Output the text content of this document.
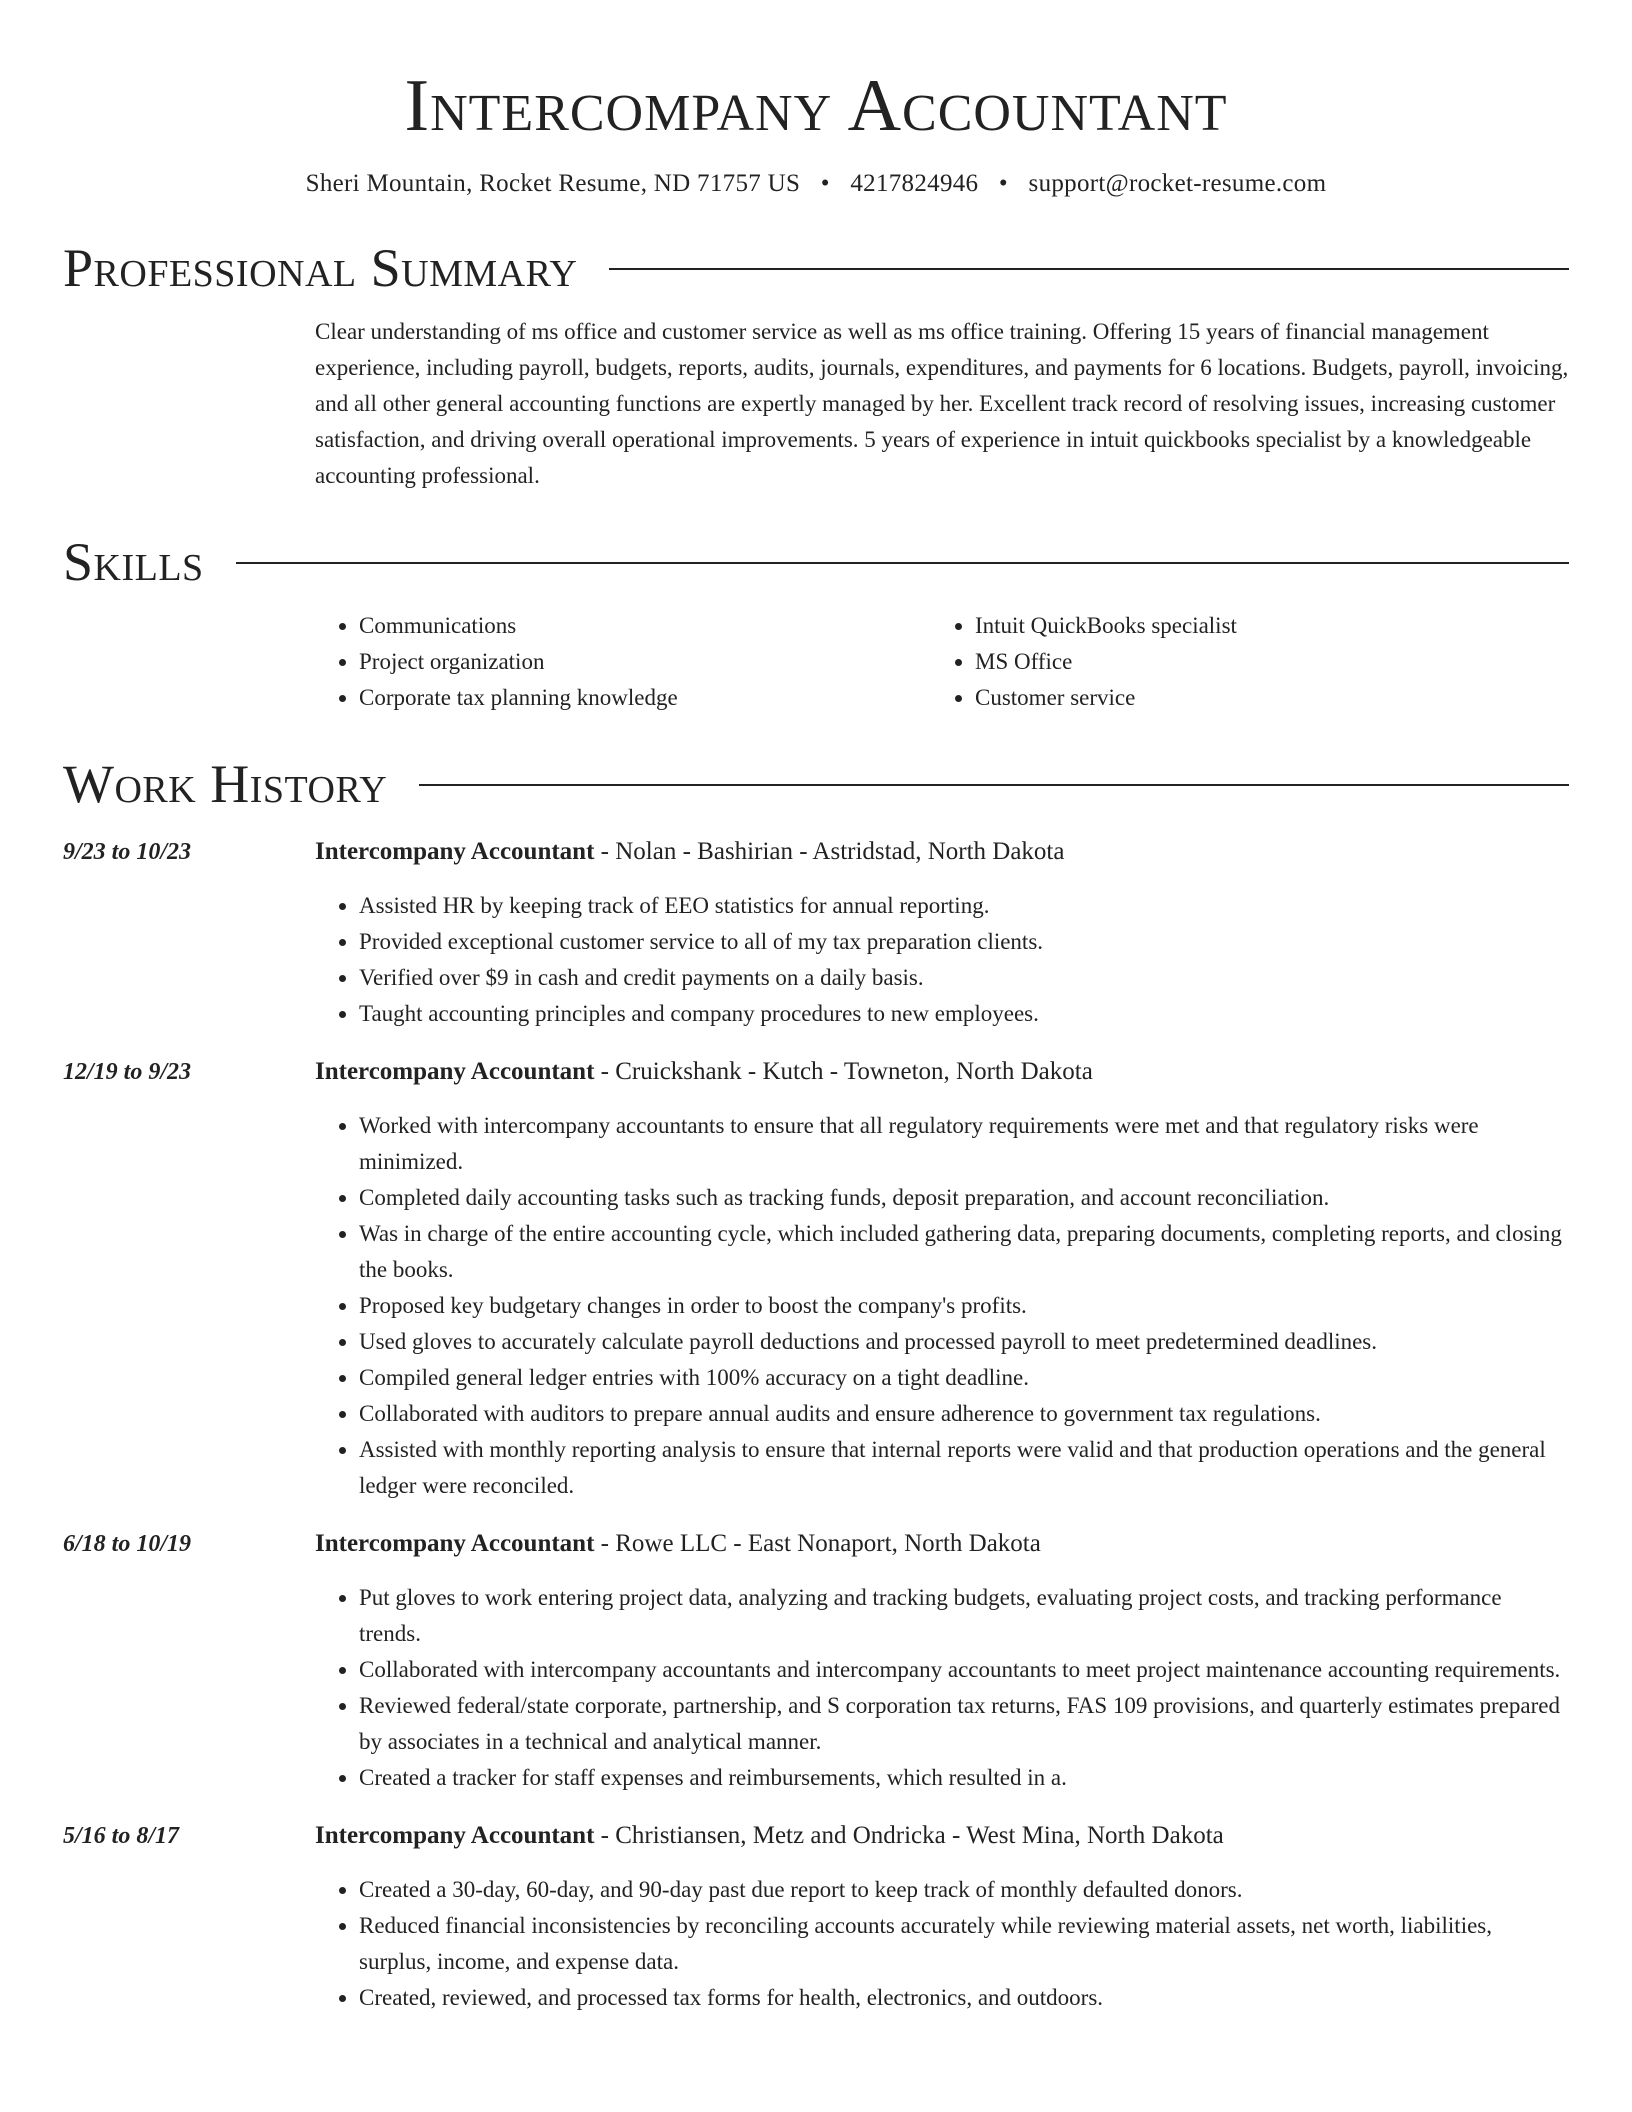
Intercompany Accountant
Sheri Mountain, Rocket Resume, ND 71757 US • 4217824946 • support@rocket-resume.com
Professional Summary

Clear understanding of ms office and customer service as well as ms office training. Offering 15 years of financial management experience, including payroll, budgets, reports, audits, journals, expenditures, and payments for 6 locations. Budgets, payroll, invoicing, and all other general accounting functions are expertly managed by her. Excellent track record of resolving issues, increasing customer satisfaction, and driving overall operational improvements. 5 years of experience in intuit quickbooks specialist by a knowledgeable accounting professional.

Skills
• Communications
• Project organization
• Corporate tax planning knowledge
• Intuit QuickBooks specialist
• MS Office
• Customer service
Work History
9/23 to 10/23	Intercompany Accountant - Nolan - Bashirian - Astridstad, North Dakota
• Assisted HR by keeping track of EEO statistics for annual reporting.
• Provided exceptional customer service to all of my tax preparation clients.
• Verified over $9 in cash and credit payments on a daily basis.
• Taught accounting principles and company procedures to new employees.
12/19 to 9/23	Intercompany Accountant - Cruickshank - Kutch - Towneton, North Dakota
• Worked with intercompany accountants to ensure that all regulatory requirements were met and that regulatory risks were minimized.
• Completed daily accounting tasks such as tracking funds, deposit preparation, and account reconciliation.
• Was in charge of the entire accounting cycle, which included gathering data, preparing documents, completing reports, and closing the books.
• Proposed key budgetary changes in order to boost the company's profits.
• Used gloves to accurately calculate payroll deductions and processed payroll to meet predetermined deadlines.
• Compiled general ledger entries with 100% accuracy on a tight deadline.
• Collaborated with auditors to prepare annual audits and ensure adherence to government tax regulations.
• Assisted with monthly reporting analysis to ensure that internal reports were valid and that production operations and the general ledger were reconciled.
6/18 to 10/19	Intercompany Accountant - Rowe LLC - East Nonaport, North Dakota
• Put gloves to work entering project data, analyzing and tracking budgets, evaluating project costs, and tracking performance trends.
• Collaborated with intercompany accountants and intercompany accountants to meet project maintenance accounting requirements.
• Reviewed federal/state corporate, partnership, and S corporation tax returns, FAS 109 provisions, and quarterly estimates prepared by associates in a technical and analytical manner.
• Created a tracker for staff expenses and reimbursements, which resulted in a.
5/16 to 8/17	Intercompany Accountant - Christiansen, Metz and Ondricka - West Mina, North Dakota
• Created a 30-day, 60-day, and 90-day past due report to keep track of monthly defaulted donors.
• Reduced financial inconsistencies by reconciling accounts accurately while reviewing material assets, net worth, liabilities, surplus, income, and expense data.
• Created, reviewed, and processed tax forms for health, electronics, and outdoors.
